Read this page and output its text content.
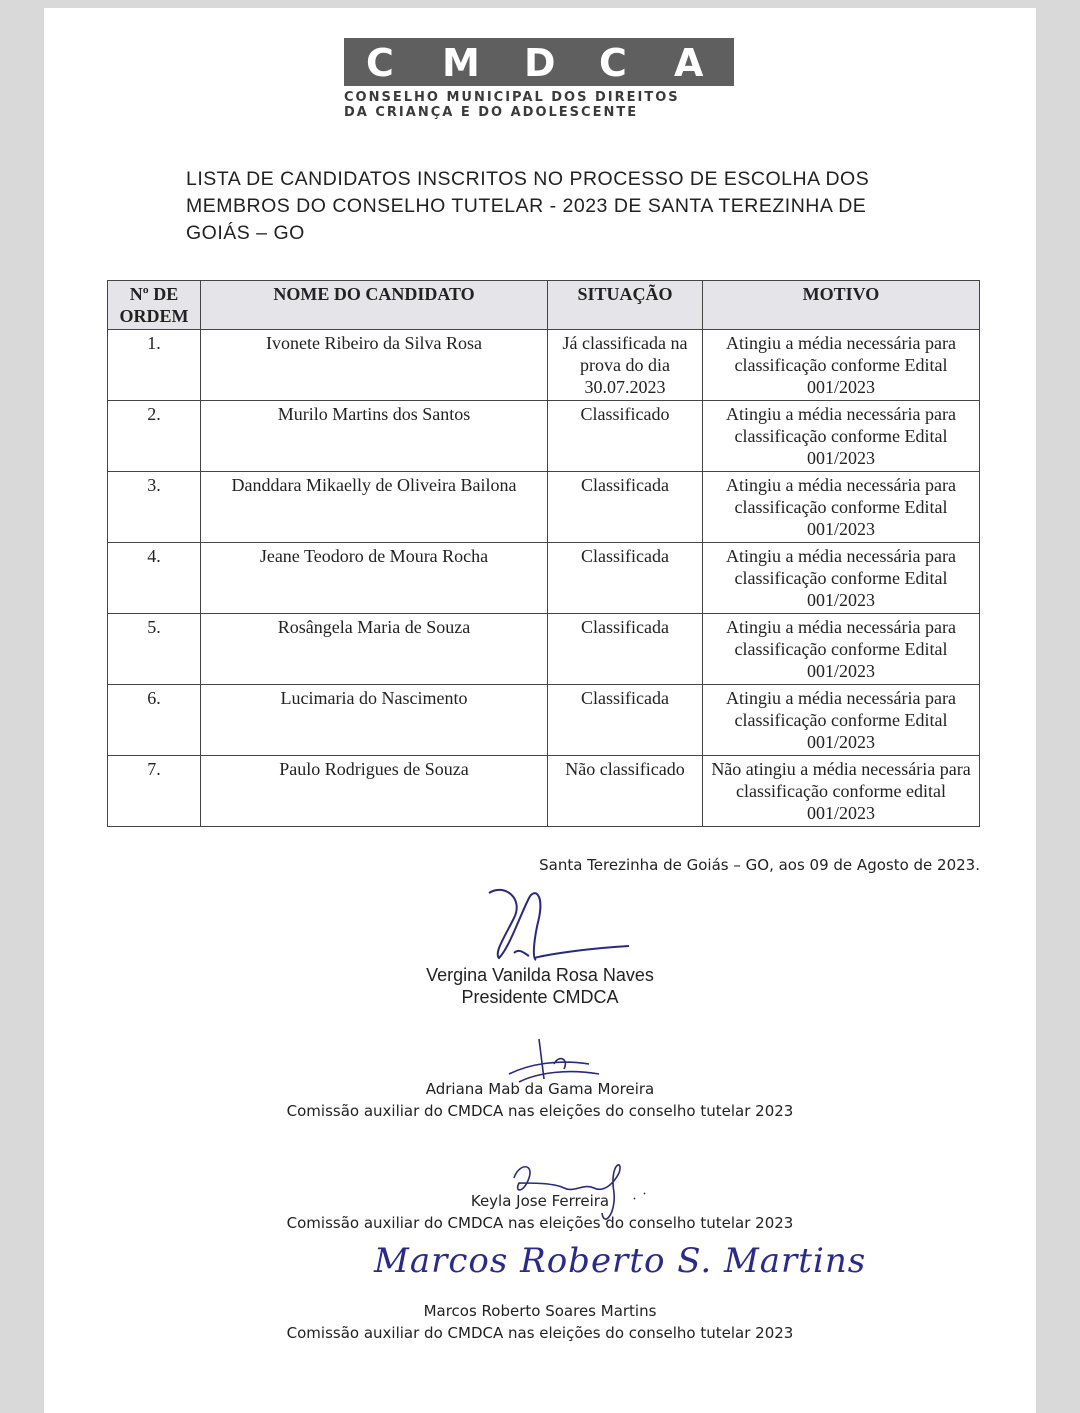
C M D C A
CONSELHO MUNICIPAL DOS DIREITOS
DA CRIANÇA E DO ADOLESCENTE
LISTA DE CANDIDATOS INSCRITOS NO PROCESSO DE ESCOLHA DOS
MEMBROS DO CONSELHO TUTELAR - 2023 DE SANTA TEREZINHA DE
GOIÁS – GO
Nº DE ORDEM	NOME DO CANDIDATO	SITUAÇÃO	MOTIVO
1.	Ivonete Ribeiro da Silva Rosa	Já classificada na prova do dia 30.07.2023	Atingiu a média necessária para classificação conforme Edital 001/2023
2.	Murilo Martins dos Santos	Classificado	Atingiu a média necessária para classificação conforme Edital 001/2023
3.	Danddara Mikaelly de Oliveira Bailona	Classificada	Atingiu a média necessária para classificação conforme Edital 001/2023
4.	Jeane Teodoro de Moura Rocha	Classificada	Atingiu a média necessária para classificação conforme Edital 001/2023
5.	Rosângela Maria de Souza	Classificada	Atingiu a média necessária para classificação conforme Edital 001/2023
6.	Lucimaria do Nascimento	Classificada	Atingiu a média necessária para classificação conforme Edital 001/2023
7.	Paulo Rodrigues de Souza	Não classificado	Não atingiu a média necessária para classificação conforme edital 001/2023
Santa Terezinha de Goiás – GO, aos 09 de Agosto de 2023.
Vergina Vanilda Rosa Naves
Presidente CMDCA
Adriana Mab da Gama Moreira
Comissão auxiliar do CMDCA nas eleições do conselho tutelar 2023
Keyla Jose Ferreira
Comissão auxiliar do CMDCA nas eleições do conselho tutelar 2023
Marcos Roberto S. Martins
Marcos Roberto Soares Martins
Comissão auxiliar do CMDCA nas eleições do conselho tutelar 2023
